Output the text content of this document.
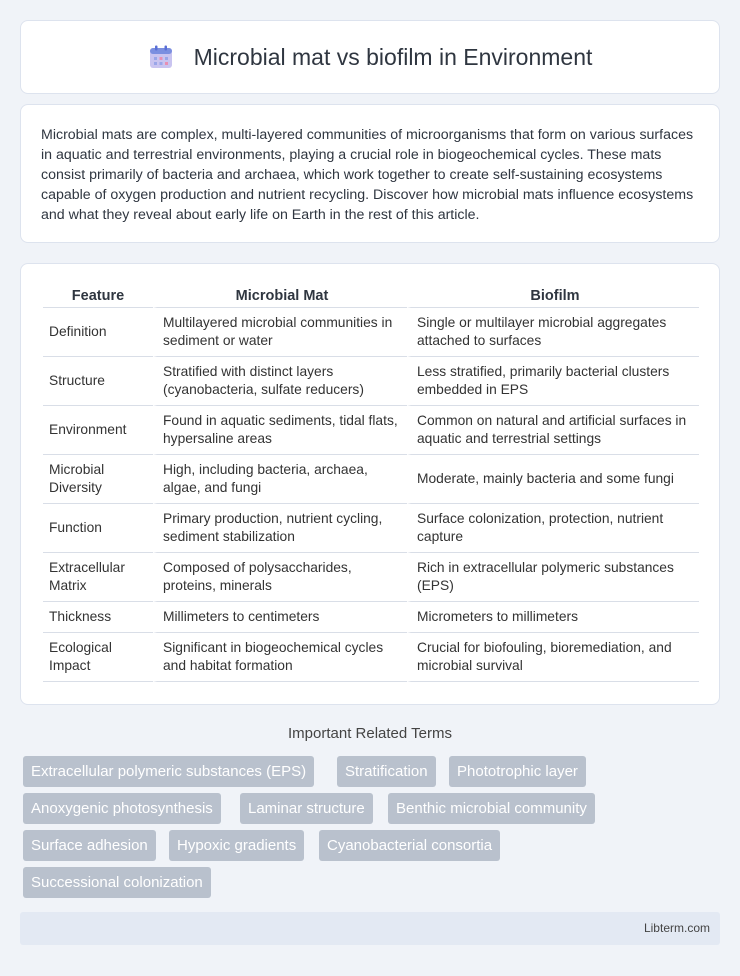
Microbial mat vs biofilm in Environment

Microbial mats are complex, multi-layered communities of microorganisms that form on various surfaces in aquatic and terrestrial environments, playing a crucial role in biogeochemical cycles. These mats consist primarily of bacteria and archaea, which work together to create self-sustaining ecosystems capable of oxygen production and nutrient recycling. Discover how microbial mats influence ecosystems and what they reveal about early life on Earth in the rest of this article.

Feature	Microbial Mat	Biofilm
Definition	Multilayered microbial communities in sediment or water	Single or multilayer microbial aggregates attached to surfaces
Structure	Stratified with distinct layers (cyanobacteria, sulfate reducers)	Less stratified, primarily bacterial clusters embedded in EPS
Environment	Found in aquatic sediments, tidal flats, hypersaline areas	Common on natural and artificial surfaces in aquatic and terrestrial settings
Microbial Diversity	High, including bacteria, archaea, algae, and fungi	Moderate, mainly bacteria and some fungi
Function	Primary production, nutrient cycling, sediment stabilization	Surface colonization, protection, nutrient capture
Extracellular Matrix	Composed of polysaccharides, proteins, minerals	Rich in extracellular polymeric substances (EPS)
Thickness	Millimeters to centimeters	Micrometers to millimeters
Ecological Impact	Significant in biogeochemical cycles and habitat formation	Crucial for biofouling, bioremediation, and microbial survival
Important Related Terms
Extracellular polymeric substances (EPS)	Stratification	Phototrophic layer
Anoxygenic photosynthesis	Laminar structure	Benthic microbial community
Surface adhesion	Hypoxic gradients	Cyanobacterial consortia
Successional colonization
Libterm.com
